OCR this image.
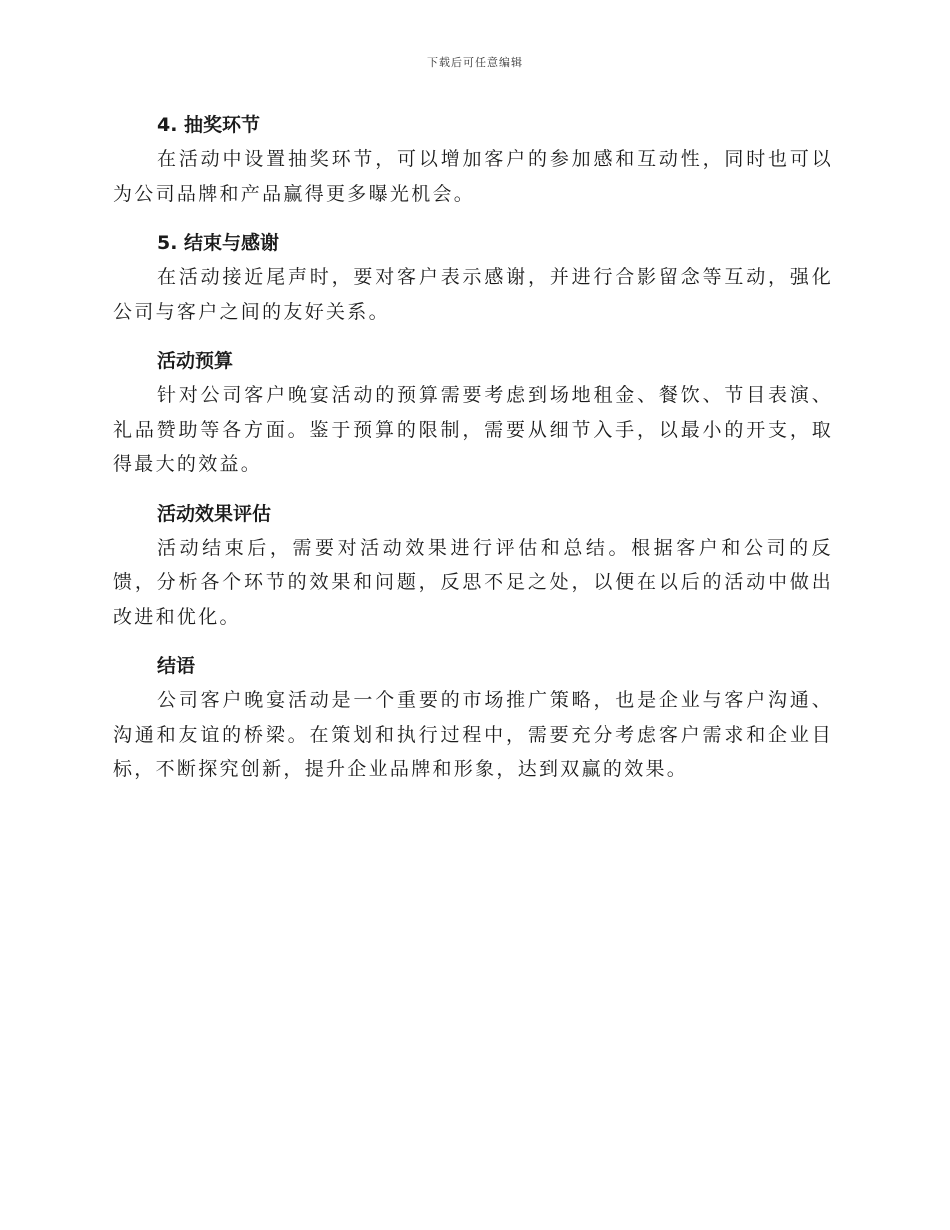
下载后可任意编辑
4. 抽奖环节

在活动中设置抽奖环节，可以增加客户的参加感和互动性，同时也可以为公司品牌和产品赢得更多曝光机会。

5. 结束与感谢

在活动接近尾声时，要对客户表示感谢，并进行合影留念等互动，强化公司与客户之间的友好关系。

活动预算

针对公司客户晚宴活动的预算需要考虑到场地租金、餐饮、节目表演、礼品赞助等各方面。鉴于预算的限制，需要从细节入手，以最小的开支，取得最大的效益。

活动效果评估

活动结束后，需要对活动效果进行评估和总结。根据客户和公司的反馈，分析各个环节的效果和问题，反思不足之处，以便在以后的活动中做出改进和优化。

结语

公司客户晚宴活动是一个重要的市场推广策略，也是企业与客户沟通、沟通和友谊的桥梁。在策划和执行过程中，需要充分考虑客户需求和企业目标，不断探究创新，提升企业品牌和形象，达到双赢的效果。
